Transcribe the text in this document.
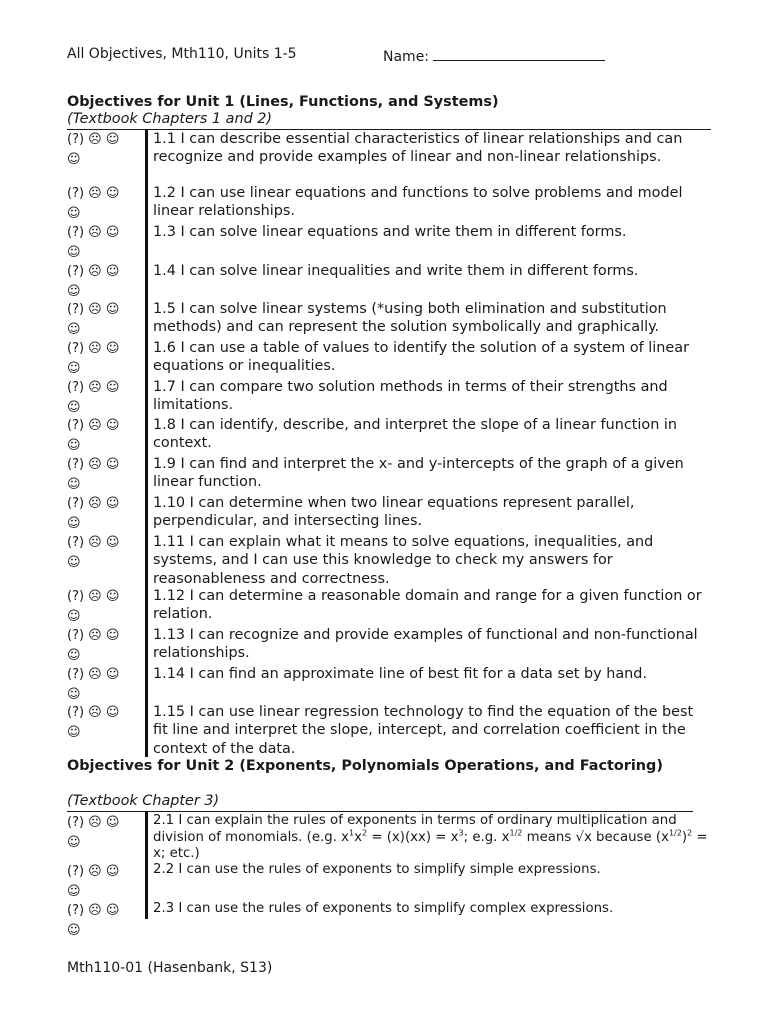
All Objectives, Mth110, Units 1-5	Name:
Objectives for Unit 1 (Lines, Functions, and Systems)
(Textbook Chapters 1 and 2)
(?) ☹ ☺ ☺
1.1 I can describe essential characteristics of linear relationships and can recognize and provide examples of linear and non-linear relationships.
(?) ☹ ☺ ☺
1.2 I can use linear equations and functions to solve problems and model linear relationships.
(?) ☹ ☺ ☺
1.3 I can solve linear equations and write them in different forms.
(?) ☹ ☺ ☺
1.4 I can solve linear inequalities and write them in different forms.
(?) ☹ ☺ ☺
1.5 I can solve linear systems (*using both elimination and substitution methods) and can represent the solution symbolically and graphically.
(?) ☹ ☺ ☺
1.6 I can use a table of values to identify the solution of a system of linear equations or inequalities.
(?) ☹ ☺ ☺
1.7 I can compare two solution methods in terms of their strengths and limitations.
(?) ☹ ☺ ☺
1.8 I can identify, describe, and interpret the slope of a linear function in context.
(?) ☹ ☺ ☺
1.9 I can find and interpret the x- and y-intercepts of the graph of a given linear function.
(?) ☹ ☺ ☺
1.10 I can determine when two linear equations represent parallel, perpendicular, and intersecting lines.
(?) ☹ ☺ ☺
1.11 I can explain what it means to solve equations, inequalities, and systems, and I can use this knowledge to check my answers for reasonableness and correctness.
(?) ☹ ☺ ☺
1.12 I can determine a reasonable domain and range for a given function or relation.
(?) ☹ ☺ ☺
1.13 I can recognize and provide examples of functional and non-functional relationships.
(?) ☹ ☺ ☺
1.14 I can find an approximate line of best fit for a data set by hand.
(?) ☹ ☺ ☺
1.15 I can use linear regression technology to find the equation of the best fit line and interpret the slope, intercept, and correlation coefficient in the context of the data.
Objectives for Unit 2 (Exponents, Polynomials Operations, and Factoring)
(Textbook Chapter 3)
(?) ☹ ☺ ☺
2.1 I can explain the rules of exponents in terms of ordinary multiplication and division of monomials. (e.g. $x^1x^2 = (x)(xx) = x^3$; e.g. $x^{1/2}$ means √x because $(x^{1/2})^2 = x$; etc.)
(?) ☹ ☺ ☺
2.2 I can use the rules of exponents to simplify simple expressions.
(?) ☹ ☺ ☺
2.3 I can use the rules of exponents to simplify complex expressions.
Mth110-01 (Hasenbank, S13)
